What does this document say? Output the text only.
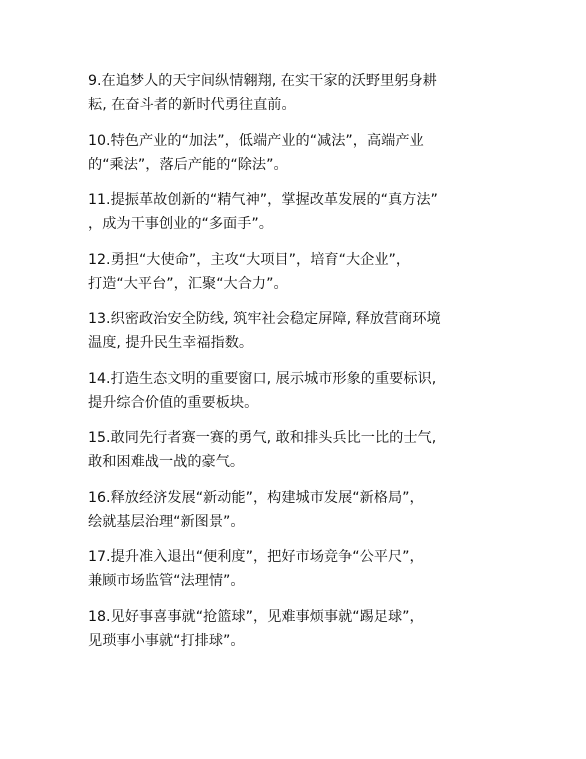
9.在追梦人的天宇间纵情翱翔, 在实干家的沃野里躬身耕
耘, 在奋斗者的新时代勇往直前。

10.特色产业的“加法”，低端产业的“减法”，高端产业
的“乘法”，落后产能的“除法”。

11.提振革故创新的“精气神”，掌握改革发展的“真方法”
，成为干事创业的“多面手”。

12.勇担“大使命”，主攻“大项目”，培育“大企业”，
打造“大平台”，汇聚“大合力”。

13.织密政治安全防线, 筑牢社会稳定屏障, 释放营商环境
温度, 提升民生幸福指数。

14.打造生态文明的重要窗口, 展示城市形象的重要标识,
提升综合价值的重要板块。

15.敢同先行者赛一赛的勇气, 敢和排头兵比一比的士气,
敢和困难战一战的豪气。

16.释放经济发展“新动能”，构建城市发展“新格局”，
绘就基层治理“新图景”。

17.提升准入退出“便利度”，把好市场竞争“公平尺”，
兼顾市场监管“法理情”。

18.见好事喜事就“抢篮球”，见难事烦事就“踢足球”，
见琐事小事就“打排球”。
